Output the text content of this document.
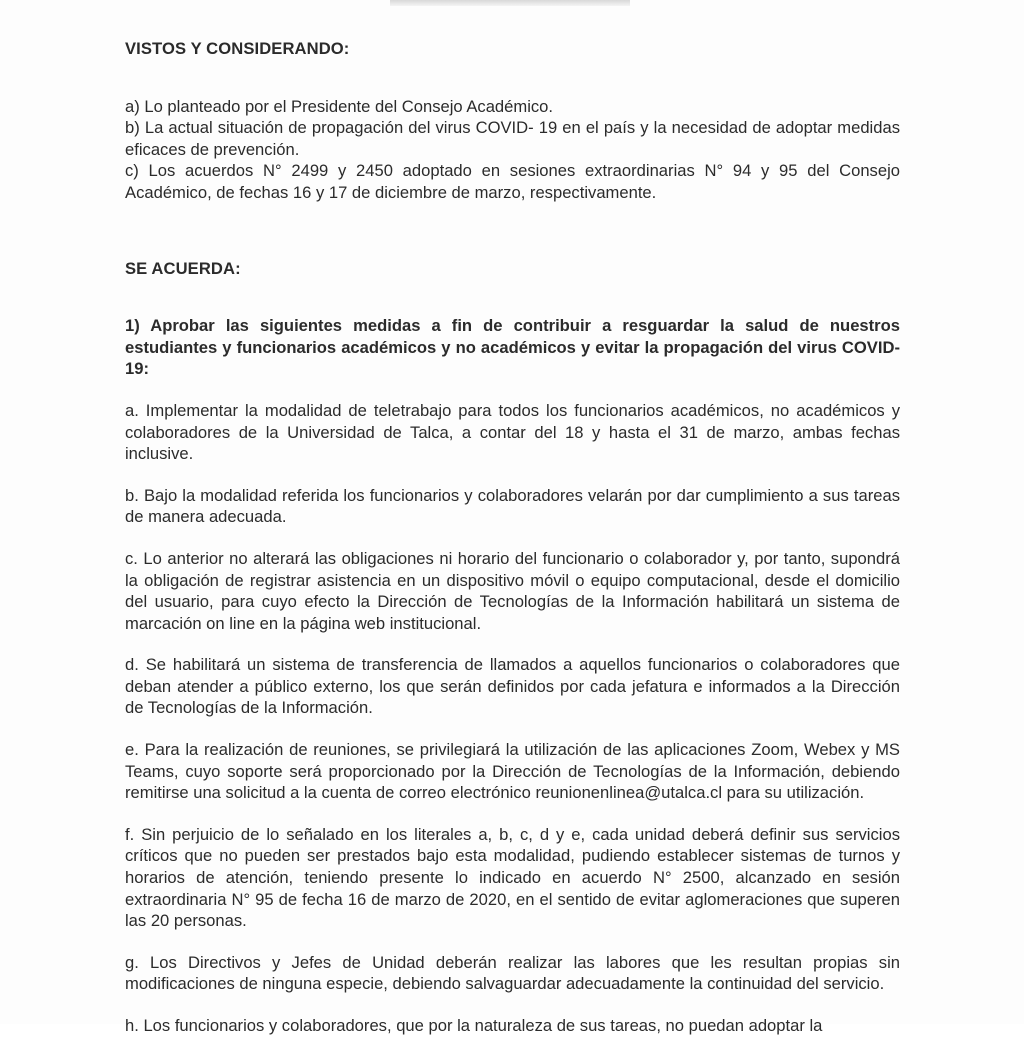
VISTOS Y CONSIDERANDO:

a) Lo planteado por el Presidente del Consejo Académico.

b) La actual situación de propagación del virus COVID- 19 en el país y la necesidad de adoptar medidas eficaces de prevención.

c) Los acuerdos N° 2499 y 2450 adoptado en sesiones extraordinarias N° 94 y 95 del Consejo Académico, de fechas 16 y 17 de diciembre de marzo, respectivamente.

SE ACUERDA:

1) Aprobar las siguientes medidas a fin de contribuir a resguardar la salud de nuestros estudiantes y funcionarios académicos y no académicos y evitar la propagación del virus COVID- 19:

a. Implementar la modalidad de teletrabajo para todos los funcionarios académicos, no académicos y colaboradores de la Universidad de Talca, a contar del 18 y hasta el 31 de marzo, ambas fechas inclusive.

b. Bajo la modalidad referida los funcionarios y colaboradores velarán por dar cumplimiento a sus tareas de manera adecuada.

c. Lo anterior no alterará las obligaciones ni horario del funcionario o colaborador y, por tanto, supondrá la obligación de registrar asistencia en un dispositivo móvil o equipo computacional, desde el domicilio del usuario, para cuyo efecto la Dirección de Tecnologías de la Información habilitará un sistema de marcación on line en la página web institucional.

d. Se habilitará un sistema de transferencia de llamados a aquellos funcionarios o colaboradores que deban atender a público externo, los que serán definidos por cada jefatura e informados a la Dirección de Tecnologías de la Información.

e. Para la realización de reuniones, se privilegiará la utilización de las aplicaciones Zoom, Webex y MS Teams, cuyo soporte será proporcionado por la Dirección de Tecnologías de la Información, debiendo remitirse una solicitud a la cuenta de correo electrónico reunionenlinea@utalca.cl para su utilización.

f. Sin perjuicio de lo señalado en los literales a, b, c, d y e, cada unidad deberá definir sus servicios críticos que no pueden ser prestados bajo esta modalidad, pudiendo establecer sistemas de turnos y horarios de atención, teniendo presente lo indicado en acuerdo N° 2500, alcanzado en sesión extraordinaria N° 95 de fecha 16 de marzo de 2020, en el sentido de evitar aglomeraciones que superen las 20 personas.

g. Los Directivos y Jefes de Unidad deberán realizar las labores que les resultan propias sin modificaciones de ninguna especie, debiendo salvaguardar adecuadamente la continuidad del servicio.

h. Los funcionarios y colaboradores, que por la naturaleza de sus tareas, no puedan adoptar la
